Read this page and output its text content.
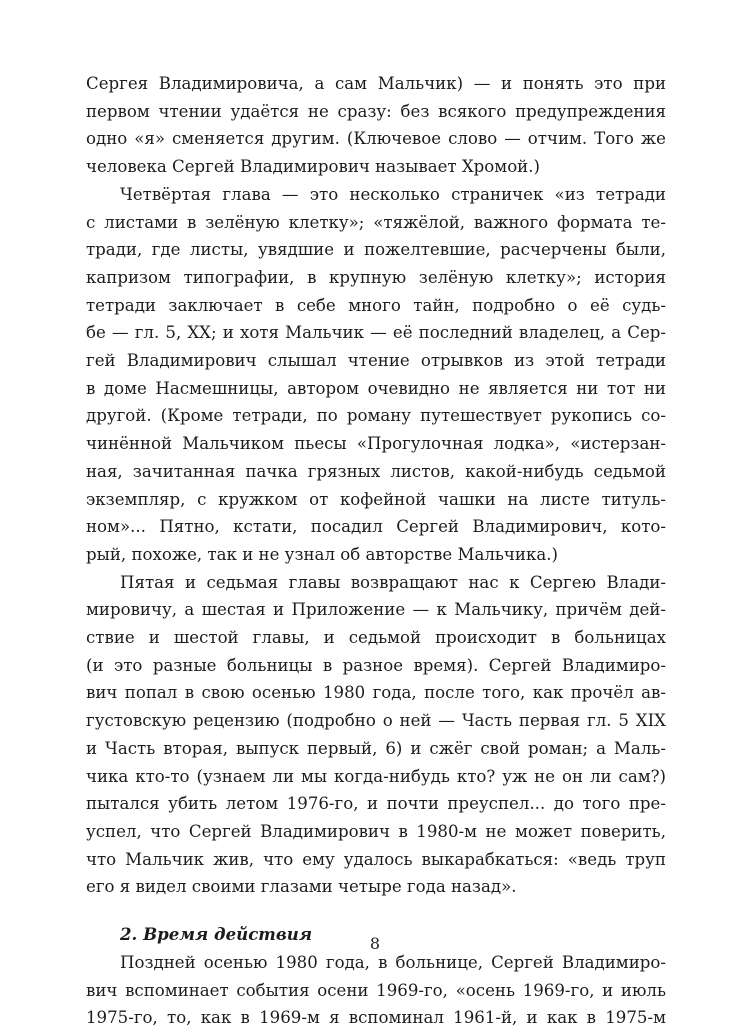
Сергея Владимировича, а сам Мальчик) — и понять это при
первом чтении удаётся не сразу: без всякого предупреждения
одно «я» сменяется другим. (Ключевое слово — отчим. Того же
человека Сергей Владимирович называет Хромой.)
Четвёртая глава — это несколько страничек «из тетради
с листами в зелёную клетку»; «тяжёлой, важного формата те-
тради, где листы, увядшие и пожелтевшие, расчерчены были,
капризом типографии, в крупную зелёную клетку»; история
тетради заключает в себе много тайн, подробно о её судь-
бе — гл. 5, XX; и хотя Мальчик — её последний владелец, а Сер-
гей Владимирович слышал чтение отрывков из этой тетради
в доме Насмешницы, автором очевидно не является ни тот ни
другой. (Кроме тетради, по роману путешествует рукопись со-
чинённой Мальчиком пьесы «Прогулочная лодка», «истерзан-
ная, зачитанная пачка грязных листов, какой-нибудь седьмой
экземпляр, с кружком от кофейной чашки на листе титуль-
ном»... Пятно, кстати, посадил Сергей Владимирович, кото-
рый, похоже, так и не узнал об авторстве Мальчика.)
Пятая и седьмая главы возвращают нас к Сергею Влади-
мировичу, а шестая и Приложение — к Мальчику, причём дей-
ствие и шестой главы, и седьмой происходит в больницах
(и это разные больницы в разное время). Сергей Владимиро-
вич попал в свою осенью 1980 года, после того, как прочёл ав-
густовскую рецензию (подробно о ней — Часть первая гл. 5 XIX
и Часть вторая, выпуск первый, 6) и сжёг свой роман; а Маль-
чика кто-то (узнаем ли мы когда-нибудь кто? уж не он ли сам?)
пытался убить летом 1976-го, и почти преуспел... до того пре-
успел, что Сергей Владимирович в 1980-м не может поверить,
что Мальчик жив, что ему удалось выкарабкаться: «ведь труп
его я видел своими глазами четыре года назад».
2. Время действия
Поздней осенью 1980 года, в больнице, Сергей Владимиро-
вич вспоминает события осени 1969-го, «осень 1969-го, и июль
1975-го, то, как в 1969-м я вспоминал 1961-й, и как в 1975-м
8
